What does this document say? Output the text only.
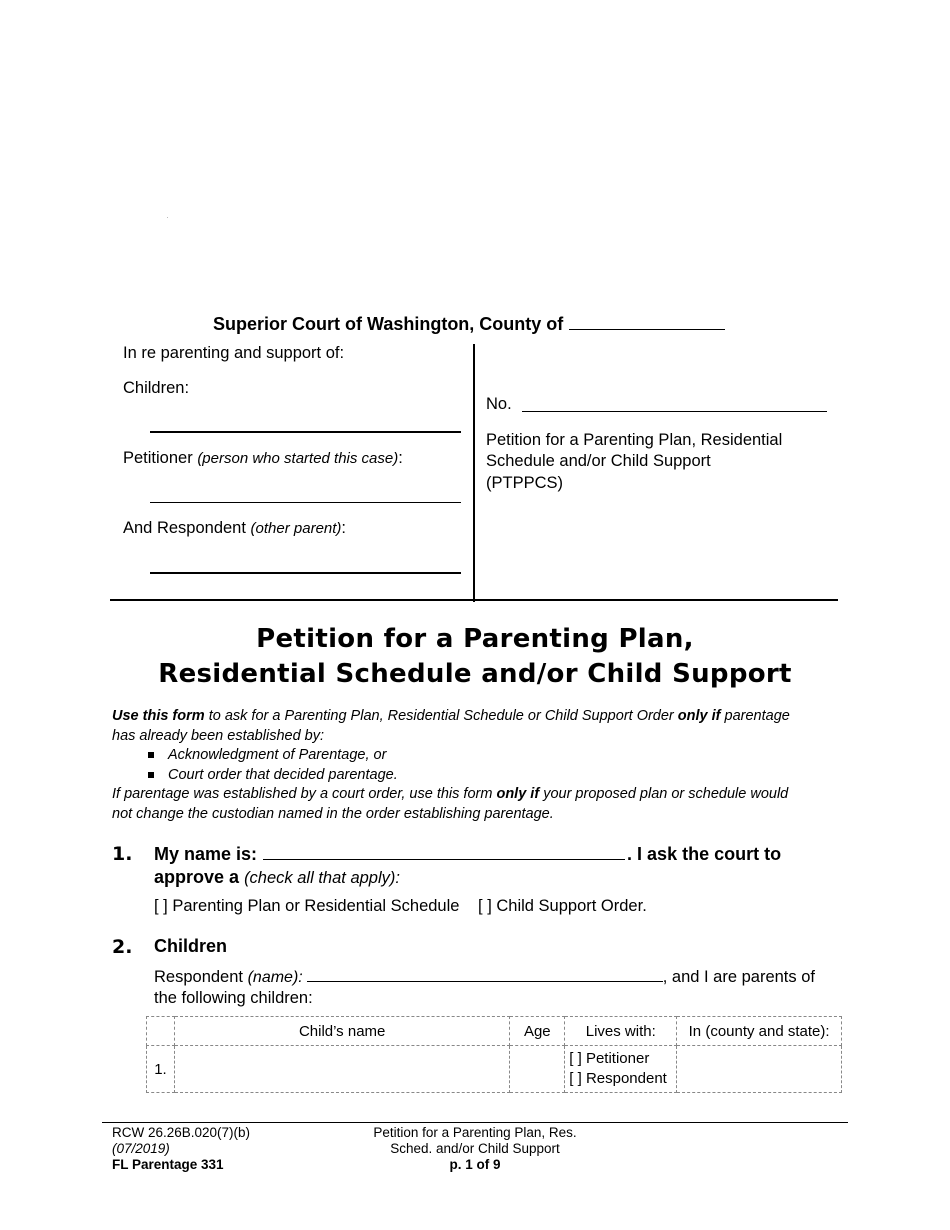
Superior Court of Washington, County of
In re parenting and support of:
Children:
Petitioner (person who started this case):
And Respondent (other parent):
No.
Petition for a Parenting Plan, Residential Schedule and/or Child Support
(PTPPCS)
Petition for a Parenting Plan,
Residential Schedule and/or Child Support
Use this form to ask for a Parenting Plan, Residential Schedule or Child Support Order only if parentage has already been established by:
Acknowledgment of Parentage, or
Court order that decided parentage.
If parentage was established by a court order, use this form only if your proposed plan or schedule would not change the custodian named in the order establishing parentage.
1. My name is:	. I ask the court to
approve a (check all that apply):
[ ] Parenting Plan or Residential Schedule [ ] Child Support Order.
2. Children
Respondent (name):	, and I are parents of
the following children:
	Child’s name	Age	Lives with:	In (county and state):
1.			[ ] Petitioner
[ ] Respondent	

RCW 26.26B.020(7)(b)
(07/2019)
FL Parentage 331
Petition for a Parenting Plan, Res.
Sched. and/or Child Support
p. 1 of 9
